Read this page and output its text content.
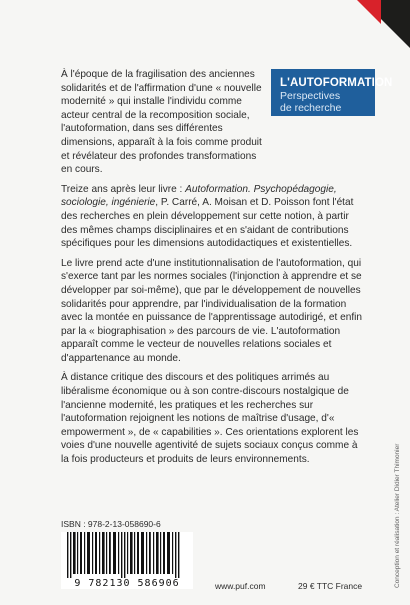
L'AUTOFORMATION
Perspectives
de recherche

À l'époque de la fragilisation des anciennes solidarités et de l'affirmation d'une « nouvelle modernité » qui installe l'individu comme acteur central de la recomposition sociale, l'autoformation, dans ses différentes dimensions, apparaît à la fois comme produit et révélateur des profondes transformations en cours.

Treize ans après leur livre : Autoformation. Psychopédagogie, sociologie, ingénierie, P. Carré, A. Moisan et D. Poisson font l'état des recherches en plein développement sur cette notion, à partir des mêmes champs disciplinaires et en s'aidant de contributions spécifiques pour les dimensions autodidactiques et existentielles.

Le livre prend acte d'une institutionnalisation de l'autoformation, qui s'exerce tant par les normes sociales (l'injonction à apprendre et se développer par soi-même), que par le développement de nouvelles solidarités pour apprendre, par l'individualisation de la formation avec la montée en puissance de l'apprentissage autodirigé, et enfin par la « biographisation » des parcours de vie. L'autoformation apparaît comme le vecteur de nouvelles relations sociales et d'appartenance au monde.

À distance critique des discours et des politiques arrimés au libéralisme économique ou à son contre-discours nostalgique de l'ancienne modernité, les pratiques et les recherches sur l'autoformation rejoignent les notions de maîtrise d'usage, d'« empowerment », de « capabilities ». Ces orientations explorent les voies d'une nouvelle agentivité de sujets sociaux conçus comme à la fois producteurs et produits de leurs environnements.

ISBN : 978-2-13-058690-6
9 782130 586906	www.puf.com	29 € TTC France	Conception et réalisation : Atelier Didier Thimonier
